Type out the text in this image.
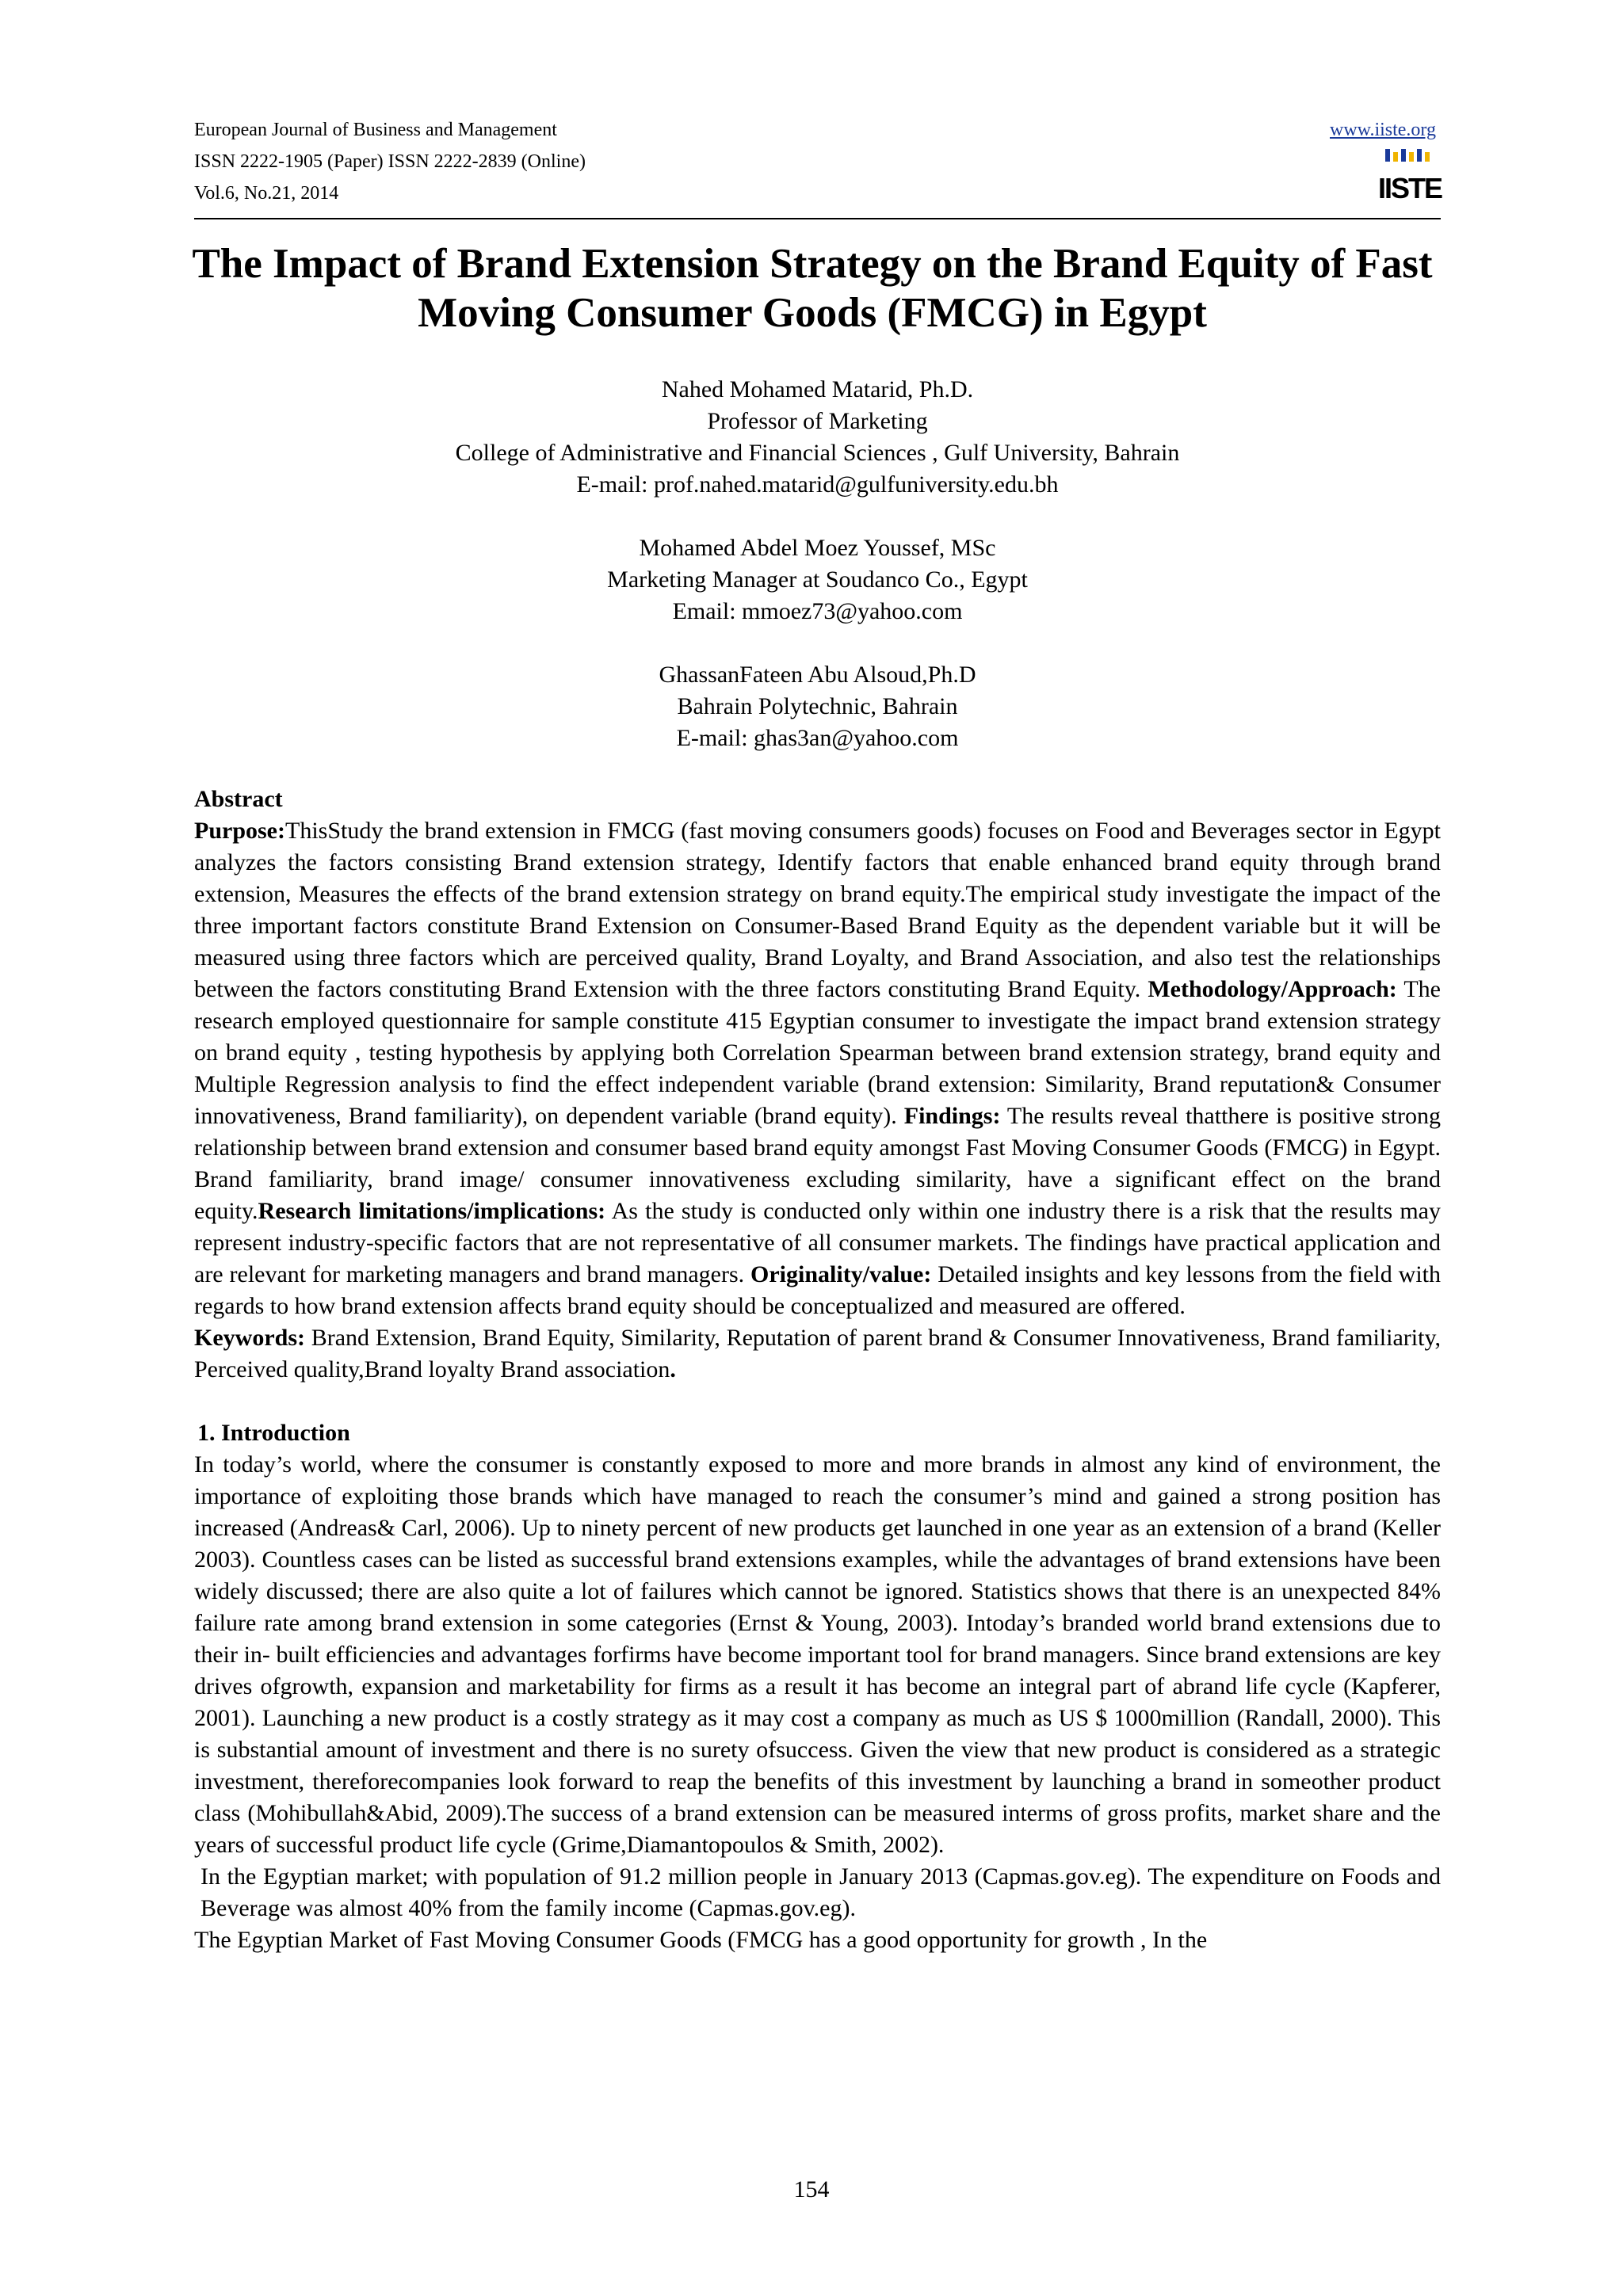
European Journal of Business and Management
ISSN 2222-1905 (Paper) ISSN 2222-2839 (Online)
Vol.6, No.21, 2014
www.iiste.org
IISTE
The Impact of Brand Extension Strategy on the Brand Equity of Fast Moving Consumer Goods (FMCG) in Egypt
Nahed Mohamed Matarid, Ph.D.
Professor of Marketing
College of Administrative and Financial Sciences , Gulf University, Bahrain
E-mail: prof.nahed.matarid@gulfuniversity.edu.bh
Mohamed Abdel Moez Youssef, MSc
Marketing Manager at Soudanco Co., Egypt
Email: mmoez73@yahoo.com
GhassanFateen Abu Alsoud,Ph.D
Bahrain Polytechnic, Bahrain
E-mail: ghas3an@yahoo.com

Abstract

Purpose:ThisStudy the brand extension in FMCG (fast moving consumers goods) focuses on Food and Beverages sector in Egypt analyzes the factors consisting Brand extension strategy, Identify factors that enable enhanced brand equity through brand extension, Measures the effects of the brand extension strategy on brand equity.The empirical study investigate the impact of the three important factors constitute Brand Extension on Consumer-Based Brand Equity as the dependent variable but it will be measured using three factors which are perceived quality, Brand Loyalty, and Brand Association, and also test the relationships between the factors constituting Brand Extension with the three factors constituting Brand Equity. Methodology/Approach: The research employed questionnaire for sample constitute 415 Egyptian consumer to investigate the impact brand extension strategy on brand equity , testing hypothesis by applying both Correlation Spearman between brand extension strategy, brand equity and Multiple Regression analysis to find the effect independent variable (brand extension: Similarity, Brand reputation& Consumer innovativeness, Brand familiarity), on dependent variable (brand equity). Findings: The results reveal thatthere is positive strong relationship between brand extension and consumer based brand equity amongst Fast Moving Consumer Goods (FMCG) in Egypt. Brand familiarity, brand image/ consumer innovativeness excluding similarity, have a significant effect on the brand equity.Research limitations/implications: As the study is conducted only within one industry there is a risk that the results may represent industry-specific factors that are not representative of all consumer markets. The findings have practical application and are relevant for marketing managers and brand managers. Originality/value: Detailed insights and key lessons from the field with regards to how brand extension affects brand equity should be conceptualized and measured are offered.

Keywords: Brand Extension, Brand Equity, Similarity, Reputation of parent brand & Consumer Innovativeness, Brand familiarity, Perceived quality,Brand loyalty Brand association.

1. Introduction

In today’s world, where the consumer is constantly exposed to more and more brands in almost any kind of environment, the importance of exploiting those brands which have managed to reach the consumer’s mind and gained a strong position has increased (Andreas& Carl, 2006). Up to ninety percent of new products get launched in one year as an extension of a brand (Keller 2003). Countless cases can be listed as successful brand extensions examples, while the advantages of brand extensions have been widely discussed; there are also quite a lot of failures which cannot be ignored. Statistics shows that there is an unexpected 84% failure rate among brand extension in some categories (Ernst & Young, 2003). Intoday’s branded world brand extensions due to their in- built efficiencies and advantages forfirms have become important tool for brand managers. Since brand extensions are key drives ofgrowth, expansion and marketability for firms as a result it has become an integral part of abrand life cycle (Kapferer, 2001). Launching a new product is a costly strategy as it may cost a company as much as US $ 1000million (Randall, 2000). This is substantial amount of investment and there is no surety ofsuccess. Given the view that new product is considered as a strategic investment, thereforecompanies look forward to reap the benefits of this investment by launching a brand in someother product class (Mohibullah&Abid, 2009).The success of a brand extension can be measured interms of gross profits, market share and the years of successful product life cycle (Grime,Diamantopoulos & Smith, 2002).

In the Egyptian market; with population of 91.2 million people in January 2013 (Capmas.gov.eg). The expenditure on Foods and Beverage was almost 40% from the family income (Capmas.gov.eg).

The Egyptian Market of Fast Moving Consumer Goods (FMCG has a good opportunity for growth , In the

154
